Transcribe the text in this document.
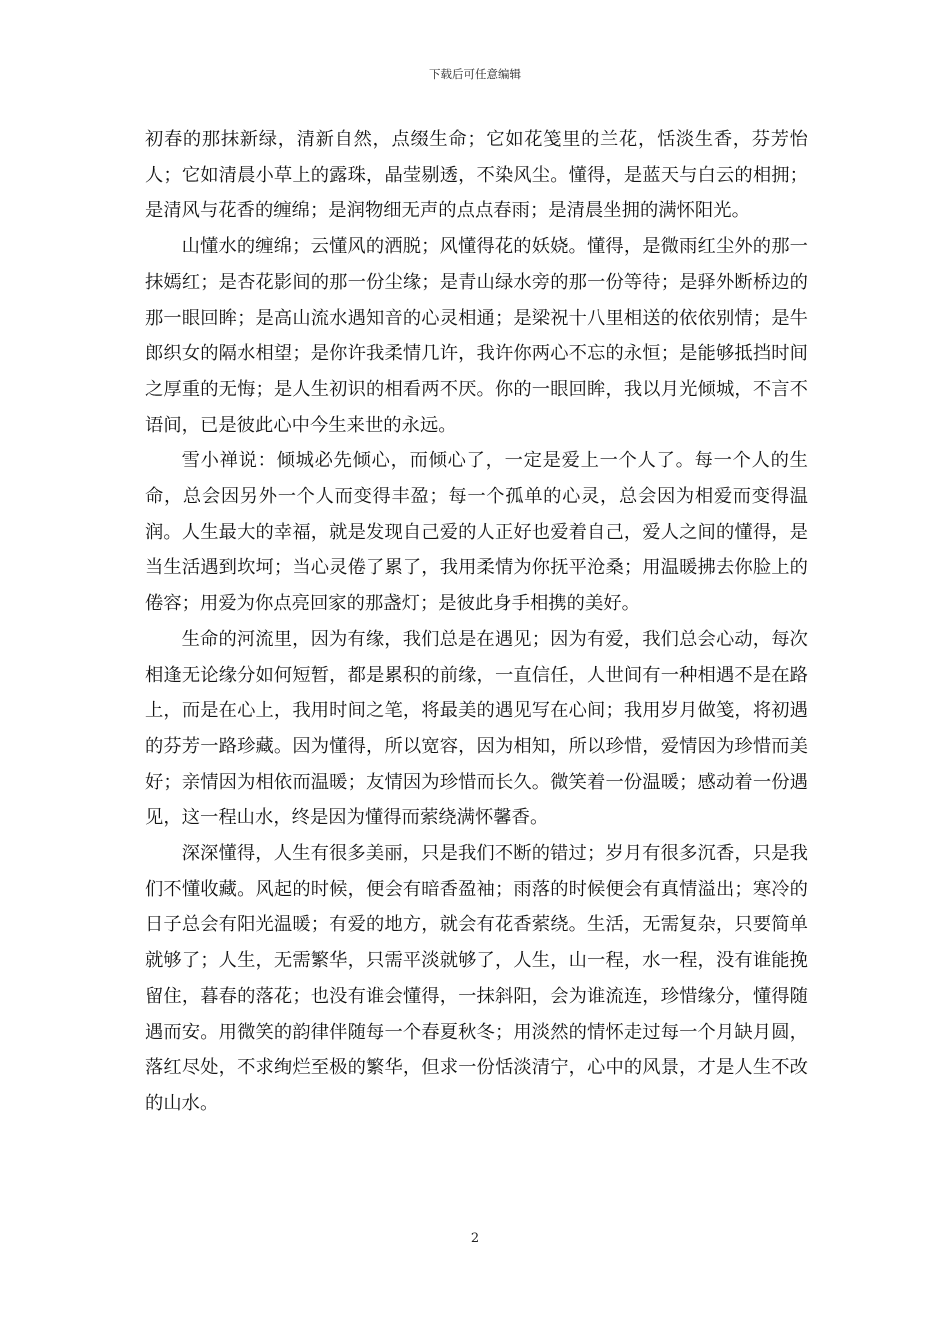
下载后可任意编辑

初春的那抹新绿，清新自然，点缀生命；它如花笺里的兰花，恬淡生香，芬芳怡人；它如清晨小草上的露珠，晶莹剔透，不染风尘。懂得，是蓝天与白云的相拥；是清风与花香的缠绵；是润物细无声的点点春雨；是清晨坐拥的满怀阳光。

山懂水的缠绵；云懂风的洒脱；风懂得花的妖娆。懂得，是微雨红尘外的那一抹嫣红；是杏花影间的那一份尘缘；是青山绿水旁的那一份等待；是驿外断桥边的那一眼回眸；是高山流水遇知音的心灵相通；是梁祝十八里相送的依依别情；是牛郎织女的隔水相望；是你许我柔情几许，我许你两心不忘的永恒；是能够抵挡时间之厚重的无悔；是人生初识的相看两不厌。你的一眼回眸，我以月光倾城，不言不语间，已是彼此心中今生来世的永远。

雪小禅说：倾城必先倾心，而倾心了，一定是爱上一个人了。每一个人的生命，总会因另外一个人而变得丰盈；每一个孤单的心灵，总会因为相爱而变得温润。人生最大的幸福，就是发现自己爱的人正好也爱着自己，爱人之间的懂得，是当生活遇到坎坷；当心灵倦了累了，我用柔情为你抚平沧桑；用温暖拂去你脸上的倦容；用爱为你点亮回家的那盏灯；是彼此身手相携的美好。

生命的河流里，因为有缘，我们总是在遇见；因为有爱，我们总会心动，每次相逢无论缘分如何短暂，都是累积的前缘，一直信任，人世间有一种相遇不是在路上，而是在心上，我用时间之笔，将最美的遇见写在心间；我用岁月做笺，将初遇的芬芳一路珍藏。因为懂得，所以宽容，因为相知，所以珍惜，爱情因为珍惜而美好；亲情因为相依而温暖；友情因为珍惜而长久。微笑着一份温暖；感动着一份遇见，这一程山水，终是因为懂得而萦绕满怀馨香。

深深懂得，人生有很多美丽，只是我们不断的错过；岁月有很多沉香，只是我们不懂收藏。风起的时候，便会有暗香盈袖；雨落的时候便会有真情溢出；寒冷的日子总会有阳光温暖；有爱的地方，就会有花香萦绕。生活，无需复杂，只要简单就够了；人生，无需繁华，只需平淡就够了，人生，山一程，水一程，没有谁能挽留住，暮春的落花；也没有谁会懂得，一抹斜阳，会为谁流连，珍惜缘分，懂得随遇而安。用微笑的韵律伴随每一个春夏秋冬；用淡然的情怀走过每一个月缺月圆，落红尽处，不求绚烂至极的繁华，但求一份恬淡清宁，心中的风景，才是人生不改的山水。

2
